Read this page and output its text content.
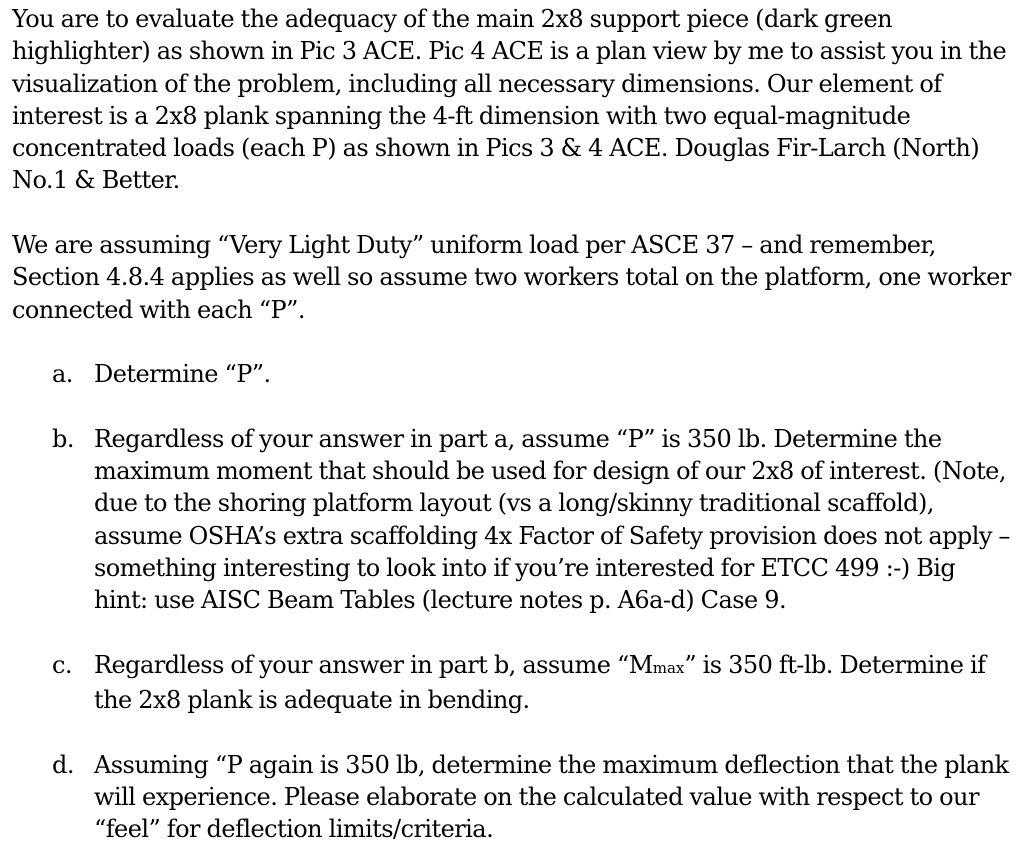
You are to evaluate the adequacy of the main 2x8 support piece (dark green highlighter) as shown in Pic 3 ACE. Pic 4 ACE is a plan view by me to assist you in the visualization of the problem, including all necessary dimensions. Our element of interest is a 2x8 plank spanning the 4-ft dimension with two equal-magnitude concentrated loads (each P) as shown in Pics 3 & 4 ACE. Douglas Fir-Larch (North) No.1 & Better.

We are assuming “Very Light Duty” uniform load per ASCE 37 – and remember, Section 4.8.4 applies as well so assume two workers total on the platform, one worker connected with each “P”.

a. Determine “P”.
b. Regardless of your answer in part a, assume “P” is 350 lb. Determine the maximum moment that should be used for design of our 2x8 of interest. (Note, due to the shoring platform layout (vs a long/skinny traditional scaffold), assume OSHA’s extra scaffolding 4x Factor of Safety provision does not apply – something interesting to look into if you’re interested for ETCC 499 :-) Big hint: use AISC Beam Tables (lecture notes p. A6a-d) Case 9.
c. Regardless of your answer in part b, assume “Mmax” is 350 ft-lb. Determine if the 2x8 plank is adequate in bending.
d. Assuming “P again is 350 lb, determine the maximum deflection that the plank will experience. Please elaborate on the calculated value with respect to our “feel” for deflection limits/criteria.
